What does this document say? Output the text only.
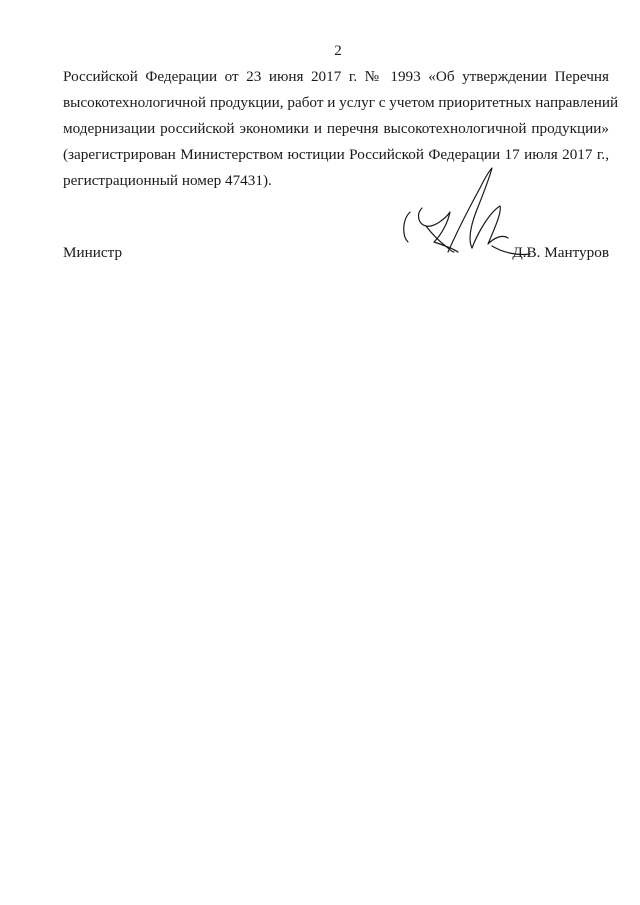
2
Российской Федерации от 23 июня 2017 г. № 1993 «Об утверждении Перечня
высокотехнологичной продукции, работ и услуг с учетом приоритетных направлений
модернизации российской экономики и перечня высокотехнологичной продукции»
(зарегистрирован Министерством юстиции Российской Федерации 17 июля 2017 г.,
регистрационный номер 47431).
Министр	Д.В. Мантуров
